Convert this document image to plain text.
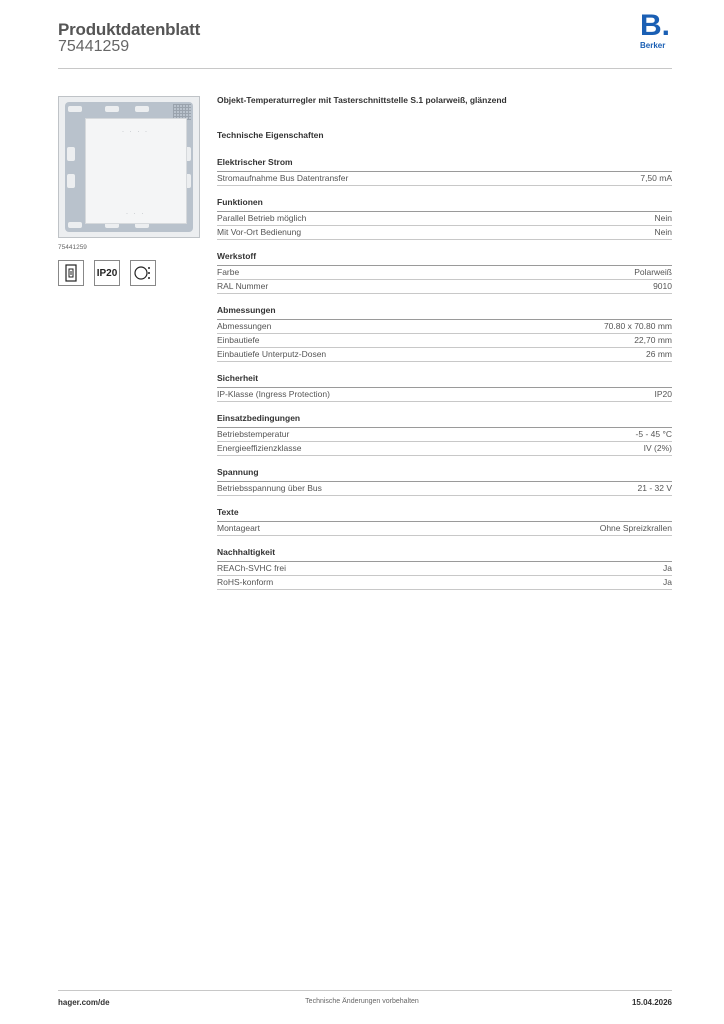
Produktdatenblatt
75441259
B.
Berker
· · · ·
· · ·
75441259
IP20
Objekt-Temperaturregler mit Tasterschnittstelle S.1 polarweiß, glänzend
Technische Eigenschaften
Elektrischer Strom
Stromaufnahme Bus Datentransfer	7,50 mA
Funktionen
Parallel Betrieb möglich	Nein
Mit Vor-Ort Bedienung	Nein
Werkstoff
Farbe	Polarweiß
RAL Nummer	9010
Abmessungen
Abmessungen	70.80 x 70.80 mm
Einbautiefe	22,70 mm
Einbautiefe Unterputz-Dosen	26 mm
Sicherheit
IP-Klasse (Ingress Protection)	IP20
Einsatzbedingungen
Betriebstemperatur	-5 - 45 °C
Energieeffizienzklasse	IV (2%)
Spannung
Betriebsspannung über Bus	21 - 32 V
Texte
Montageart	Ohne Spreizkrallen
Nachhaltigkeit
REACh-SVHC frei	Ja
RoHS-konform	Ja
hager.com/de	Technische Änderungen vorbehalten	15.04.2026
